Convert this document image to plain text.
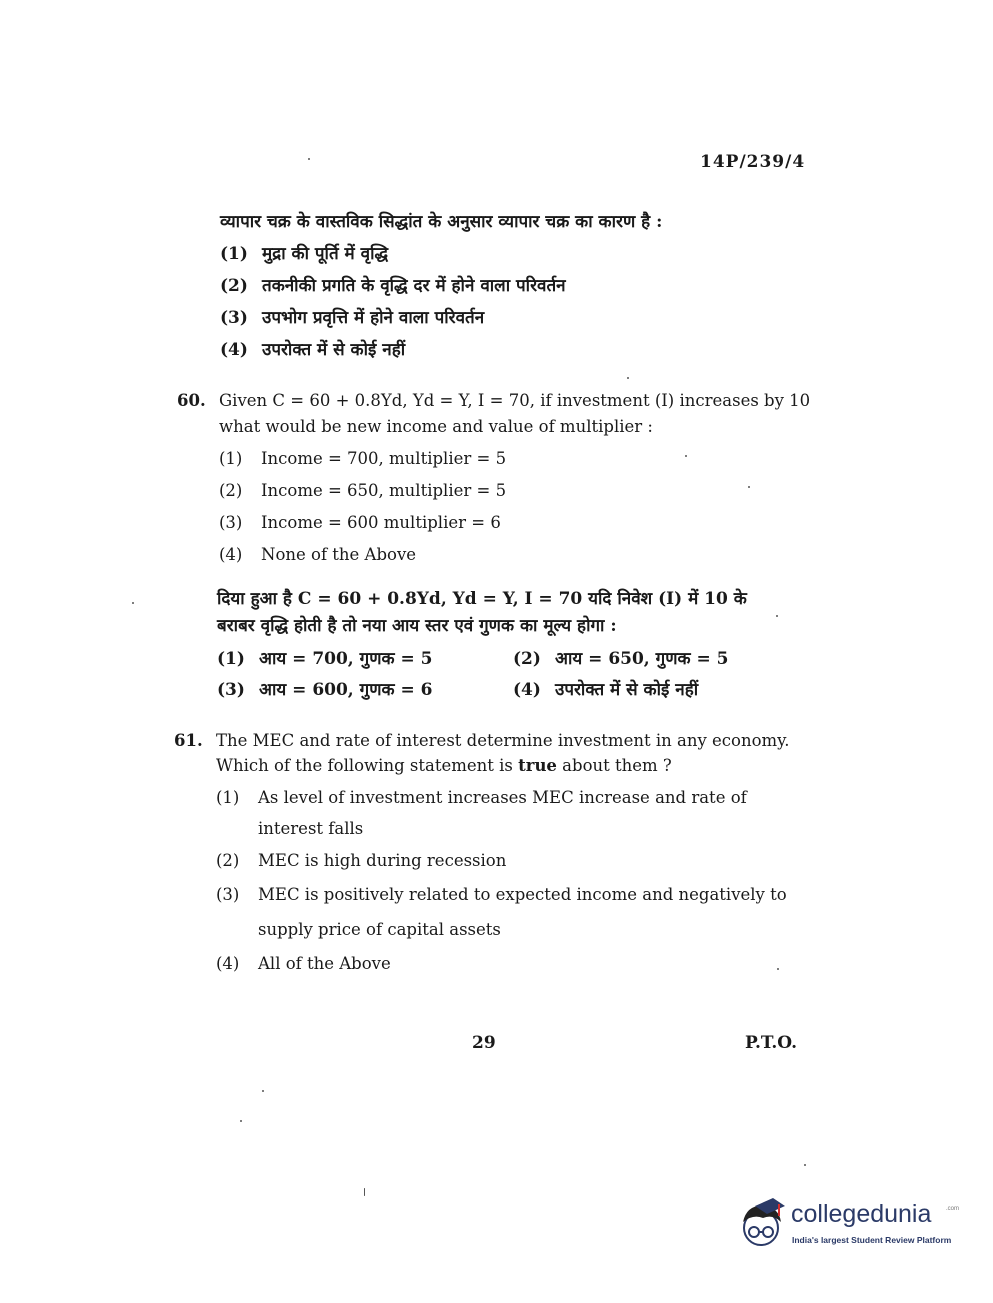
14P/239/4
व्यापार चक्र के वास्तविक सिद्धांत के अनुसार व्यापार चक्र का कारण है :
(1) मुद्रा की पूर्ति में वृद्धि
(2) तकनीकी प्रगति के वृद्धि दर में होने वाला परिवर्तन
(3) उपभोग प्रवृत्ति में होने वाला परिवर्तन
(4) उपरोक्त में से कोई नहीं
60. Given C = 60 + 0.8Yd, Yd = Y, I = 70, if investment (I) increases by 10
what would be new income and value of multiplier :
(1) Income = 700, multiplier = 5
(2) Income = 650, multiplier = 5
(3) Income = 600 multiplier = 6
(4) None of the Above
दिया हुआ है C = 60 + 0.8Yd, Yd = Y, I = 70 यदि निवेश (I) में 10 के
बराबर वृद्धि होती है तो नया आय स्तर एवं गुणक का मूल्य होगा :
(1) आय = 700, गुणक = 5	(2) आय = 650, गुणक = 5
(3) आय = 600, गुणक = 6	(4) उपरोक्त में से कोई नहीं
61. The MEC and rate of interest determine investment in any economy.
Which of the following statement is true about them ?
(1) As level of investment increases MEC increase and rate of
interest falls
(2) MEC is high during recession
(3) MEC is positively related to expected income and negatively to
supply price of capital assets
(4) All of the Above
29	P.T.O.
collegedunia .com
India's largest Student Review Platform
